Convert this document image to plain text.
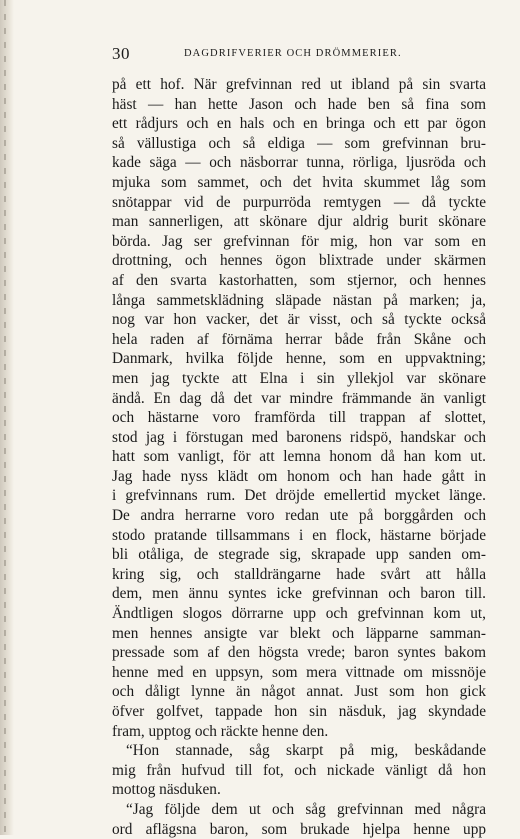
30	DAGDRIFVERIER OCH DRÖMMERIER.
på ett hof. När grefvinnan red ut ibland på sin svarta
häst — han hette Jason och hade ben så fina som
ett rådjurs och en hals och en bringa och ett par ögon
så vällustiga och så eldiga — som grefvinnan bru-
kade säga — och näsborrar tunna, rörliga, ljusröda och
mjuka som sammet, och det hvita skummet låg som
snötappar vid de purpurröda remtygen — då tyckte
man sannerligen, att skönare djur aldrig burit skönare
börda. Jag ser grefvinnan för mig, hon var som en
drottning, och hennes ögon blixtrade under skärmen
af den svarta kastorhatten, som stjernor, och hennes
långa sammetsklädning släpade nästan på marken; ja,
nog var hon vacker, det är visst, och så tyckte också
hela raden af förnäma herrar både från Skåne och
Danmark, hvilka följde henne, som en uppvaktning;
men jag tyckte att Elna i sin yllekjol var skönare
ändå. En dag då det var mindre främmande än vanligt
och hästarne voro framförda till trappan af slottet,
stod jag i förstugan med baronens ridspö, handskar och
hatt som vanligt, för att lemna honom då han kom ut.
Jag hade nyss klädt om honom och han hade gått in
i grefvinnans rum. Det dröjde emellertid mycket länge.
De andra herrarne voro redan ute på borggården och
stodo pratande tillsammans i en flock, hästarne började
bli otåliga, de stegrade sig, skrapade upp sanden om-
kring sig, och stalldrängarne hade svårt att hålla
dem, men ännu syntes icke grefvinnan och baron till.
Ändtligen slogos dörrarne upp och grefvinnan kom ut,
men hennes ansigte var blekt och läpparne samman-
pressade som af den högsta vrede; baron syntes bakom
henne med en uppsyn, som mera vittnade om missnöje
och dåligt lynne än något annat. Just som hon gick
öfver golfvet, tappade hon sin näsduk, jag skyndade
fram, upptog och räckte henne den.
“Hon stannade, såg skarpt på mig, beskådande
mig från hufvud till fot, och nickade vänligt då hon
mottog näsduken.
“Jag följde dem ut och såg grefvinnan med några
ord aflägsna baron, som brukade hjelpa henne upp
